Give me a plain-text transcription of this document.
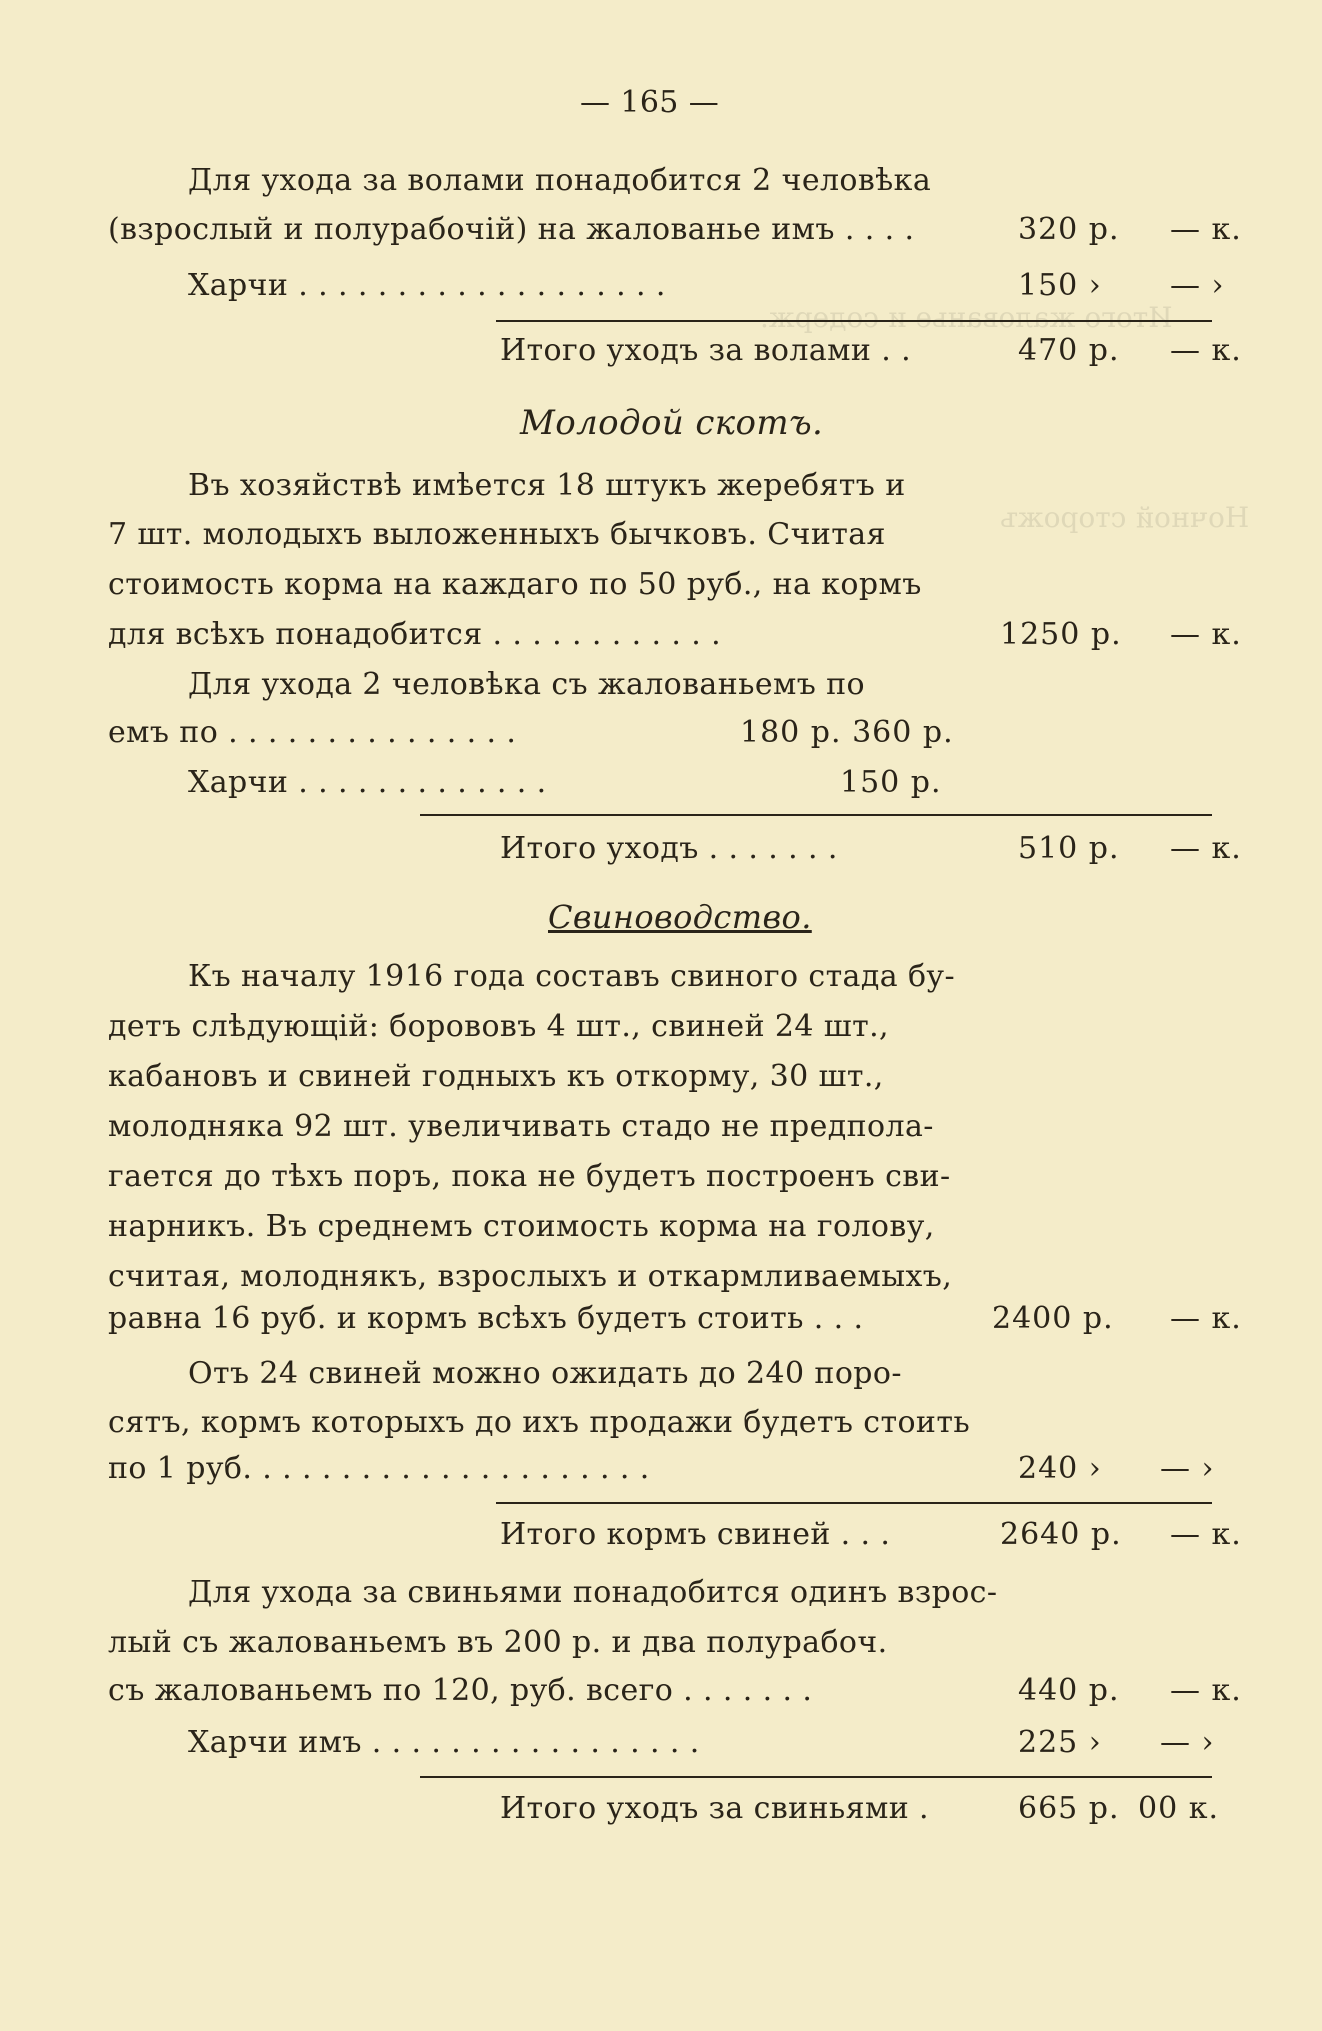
Итого жалованье и содерж.
Ночной сторожъ
— 165 —
Для ухода за волами понадобится 2 человѣка
(взрослый и полурабочій) на жалованье имъ . . . .	320 р. — к.
Харчи . . . . . . . . . . . . . . . . . . .	150 › — ›
Итого уходъ за волами . .	470 р. — к.
Молодой скотъ.
Въ хозяйствѣ имѣется 18 штукъ жеребятъ и
7 шт. молодыхъ выложенныхъ бычковъ. Считая
стоимость корма на каждаго по 50 руб., на кормъ
для всѣхъ понадобится . . . . . . . . . . . .	1250 р. — к.
Для ухода 2 человѣка съ жалованьемъ по
емъ по . . . . . . . . . . . . . . .	180 р. 360 р.
Харчи . . . . . . . . . . . . .	150 р.
Итого уходъ . . . . . . .	510 р. — к.
Свиноводство.
Къ началу 1916 года составъ свиного стада бу-
детъ слѣдующій: борововъ 4 шт., свиней 24 шт.,
кабановъ и свиней годныхъ къ откорму, 30 шт.,
молодняка 92 шт. увеличивать стадо не предпола-
гается до тѣхъ поръ, пока не будетъ построенъ сви-
нарникъ. Въ среднемъ стоимость корма на голову,
считая, молоднякъ, взрослыхъ и откармливаемыхъ,
равна 16 руб. и кормъ всѣхъ будетъ стоить . . .	2400 р. — к.
Отъ 24 свиней можно ожидать до 240 поро-
сятъ, кормъ которыхъ до ихъ продажи будетъ стоить
по 1 руб. . . . . . . . . . . . . . . . . . . . .	240 › — ›
Итого кормъ свиней . . .	2640 р. — к.
Для ухода за свиньями понадобится одинъ взрос-
лый съ жалованьемъ въ 200 р. и два полурабоч.
съ жалованьемъ по 120, руб. всего . . . . . . .	440 р. — к.
Харчи имъ . . . . . . . . . . . . . . . . .	225 › — ›
Итого уходъ за свиньями .	665 р. 00 к.
